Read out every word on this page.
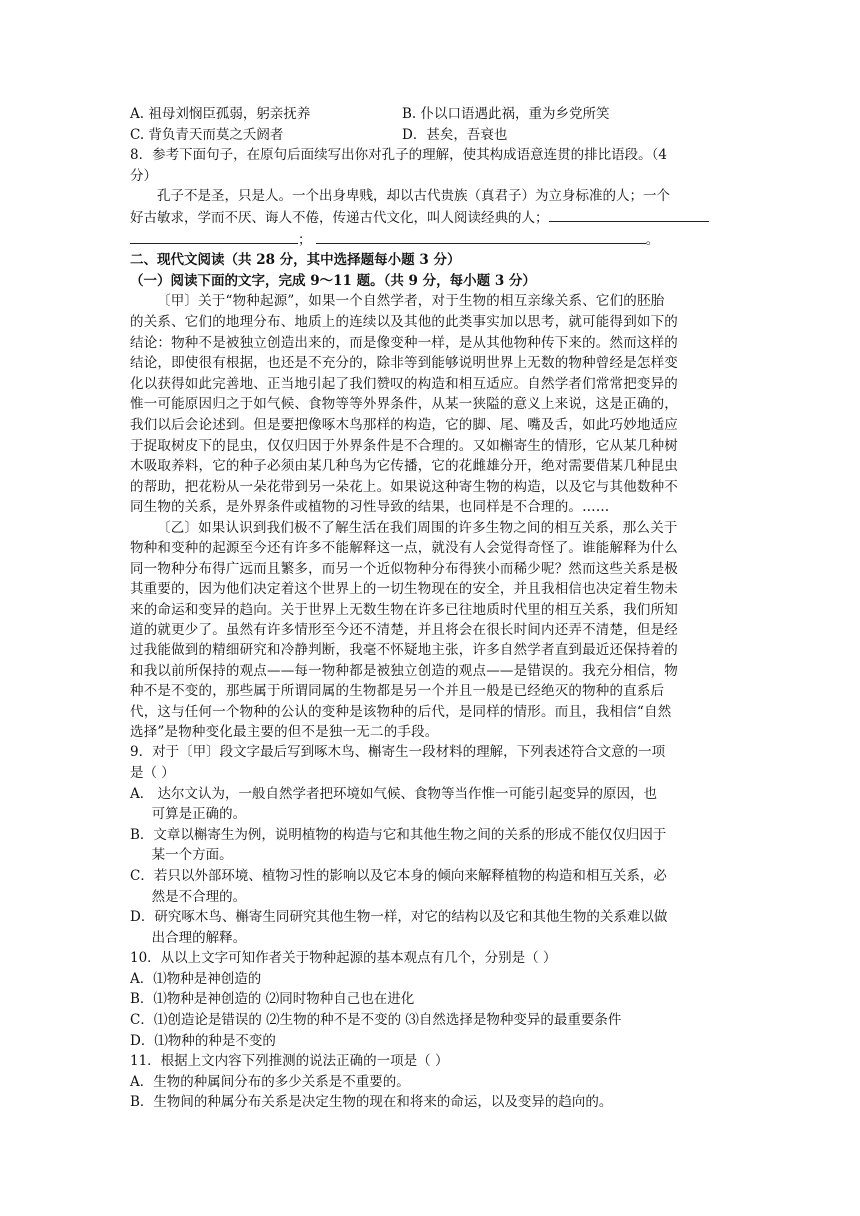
A. 祖母刘悯臣孤弱，躬亲抚养	B. 仆以口语遇此祸，重为乡党所笑
C. 背负青天而莫之夭阏者	D．甚矣，吾衰也
8．参考下面句子，在原句后面续写出你对孔子的理解，使其构成语意连贯的排比语段。（4
分）
孔子不是圣，只是人。一个出身卑贱，却以古代贵族（真君子）为立身标准的人；一个
好古敏求，学而不厌、诲人不倦，传递古代文化，叫人阅读经典的人；
；	。
二、现代文阅读（共 28 分，其中选择题每小题 3 分）
（一）阅读下面的文字，完成 9～11 题。（共 9 分，每小题 3 分）
〔甲〕关于“物种起源”，如果一个自然学者，对于生物的相互亲缘关系、它们的胚胎
的关系、它们的地理分布、地质上的连续以及其他的此类事实加以思考，就可能得到如下的
结论：物种不是被独立创造出来的，而是像变种一样，是从其他物种传下来的。然而这样的
结论，即使很有根据，也还是不充分的，除非等到能够说明世界上无数的物种曾经是怎样变
化以获得如此完善地、正当地引起了我们赞叹的构造和相互适应。自然学者们常常把变异的
惟一可能原因归之于如气候、食物等等外界条件，从某一狭隘的意义上来说，这是正确的，
我们以后会论述到。但是要把像啄木鸟那样的构造，它的脚、尾、嘴及舌，如此巧妙地适应
于捉取树皮下的昆虫，仅仅归因于外界条件是不合理的。又如槲寄生的情形，它从某几种树
木吸取养料，它的种子必须由某几种鸟为它传播，它的花雌雄分开，绝对需要借某几种昆虫
的帮助，把花粉从一朵花带到另一朵花上。如果说这种寄生物的构造，以及它与其他数种不
同生物的关系，是外界条件或植物的习性导致的结果，也同样是不合理的。……
〔乙〕如果认识到我们极不了解生活在我们周围的许多生物之间的相互关系，那么关于
物种和变种的起源至今还有许多不能解释这一点，就没有人会觉得奇怪了。谁能解释为什么
同一物种分布得广远而且繁多，而另一个近似物种分布得狭小而稀少呢？然而这些关系是极
其重要的，因为他们决定着这个世界上的一切生物现在的安全，并且我相信也决定着生物未
来的命运和变异的趋向。关于世界上无数生物在许多已往地质时代里的相互关系，我们所知
道的就更少了。虽然有许多情形至今还不清楚，并且将会在很长时间内还弄不清楚，但是经
过我能做到的精细研究和冷静判断，我毫不怀疑地主张，许多自然学者直到最近还保持着的
和我以前所保持的观点——每一物种都是被独立创造的观点——是错误的。我充分相信，物
种不是不变的，那些属于所谓同属的生物都是另一个并且一般是已经绝灭的物种的直系后
代，这与任何一个物种的公认的变种是该物种的后代，是同样的情形。而且，我相信“自然
选择”是物种变化最主要的但不是独一无二的手段。
9．对于〔甲〕段文字最后写到啄木鸟、槲寄生一段材料的理解，下列表述符合文意的一项
是（ ）
A． 达尔文认为，一般自然学者把环境如气候、食物等当作惟一可能引起变异的原因，也
可算是正确的。
B．文章以槲寄生为例，说明植物的构造与它和其他生物之间的关系的形成不能仅仅归因于
某一个方面。
C．若只以外部环境、植物习性的影响以及它本身的倾向来解释植物的构造和相互关系，必
然是不合理的。
D．研究啄木鸟、槲寄生同研究其他生物一样，对它的结构以及它和其他生物的关系难以做
出合理的解释。
10．从以上文字可知作者关于物种起源的基本观点有几个，分别是（ ）
A．⑴物种是神创造的
B．⑴物种是神创造的 ⑵同时物种自己也在进化
C．⑴创造论是错误的 ⑵生物的种不是不变的 ⑶自然选择是物种变异的最重要条件
D．⑴物种的种是不变的
11．根据上文内容下列推测的说法正确的一项是（ ）
A．生物的种属间分布的多少关系是不重要的。
B．生物间的种属分布关系是决定生物的现在和将来的命运，以及变异的趋向的。
